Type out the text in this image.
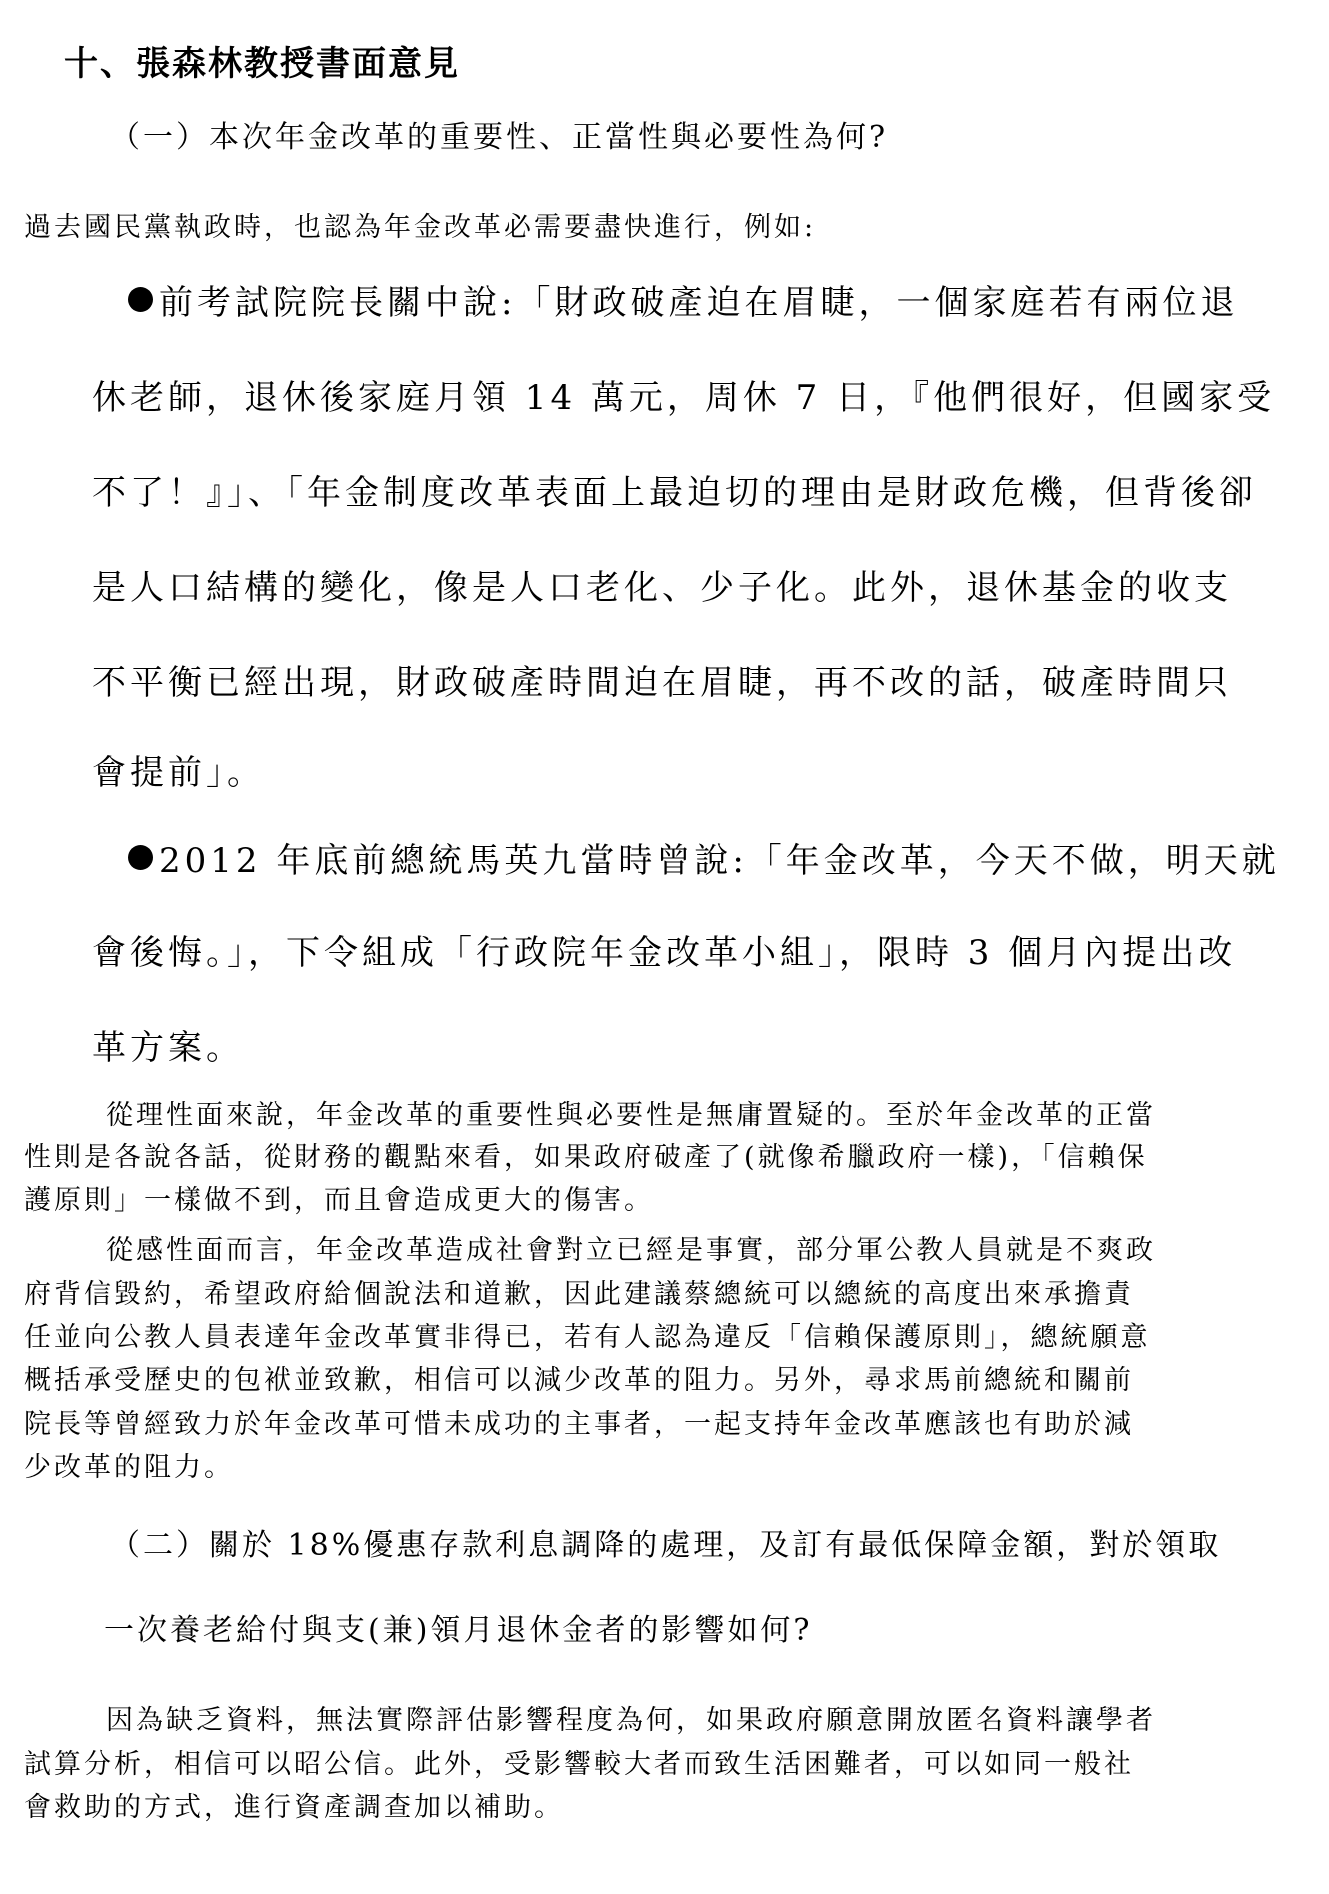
十、張森林教授書面意見
（一）本次年金改革的重要性、正當性與必要性為何?
過去國民黨執政時，也認為年金改革必需要盡快進行，例如:
前考試院院長關中說:「財政破產迫在眉睫，一個家庭若有兩位退
休老師，退休後家庭月領 14 萬元，周休 7 日，『他們很好，但國家受
不了！』」、「年金制度改革表面上最迫切的理由是財政危機，但背後卻
是人口結構的變化，像是人口老化、少子化。此外，退休基金的收支
不平衡已經出現，財政破產時間迫在眉睫，再不改的話，破產時間只
會提前」。
2012 年底前總統馬英九當時曾說:「年金改革，今天不做，明天就
會後悔。」，下令組成「行政院年金改革小組」，限時 3 個月內提出改
革方案。
從理性面來說，年金改革的重要性與必要性是無庸置疑的。至於年金改革的正當
性則是各說各話，從財務的觀點來看，如果政府破產了(就像希臘政府一樣)，「信賴保
護原則」一樣做不到，而且會造成更大的傷害。
從感性面而言，年金改革造成社會對立已經是事實，部分軍公教人員就是不爽政
府背信毀約，希望政府給個說法和道歉，因此建議蔡總統可以總統的高度出來承擔責
任並向公教人員表達年金改革實非得已，若有人認為違反「信賴保護原則」，總統願意
概括承受歷史的包袱並致歉，相信可以減少改革的阻力。另外，尋求馬前總統和關前
院長等曾經致力於年金改革可惜未成功的主事者，一起支持年金改革應該也有助於減
少改革的阻力。
（二）關於 18%優惠存款利息調降的處理，及訂有最低保障金額，對於領取
一次養老給付與支(兼)領月退休金者的影響如何?
因為缺乏資料，無法實際評估影響程度為何，如果政府願意開放匿名資料讓學者
試算分析，相信可以昭公信。此外，受影響較大者而致生活困難者，可以如同一般社
會救助的方式，進行資產調查加以補助。
